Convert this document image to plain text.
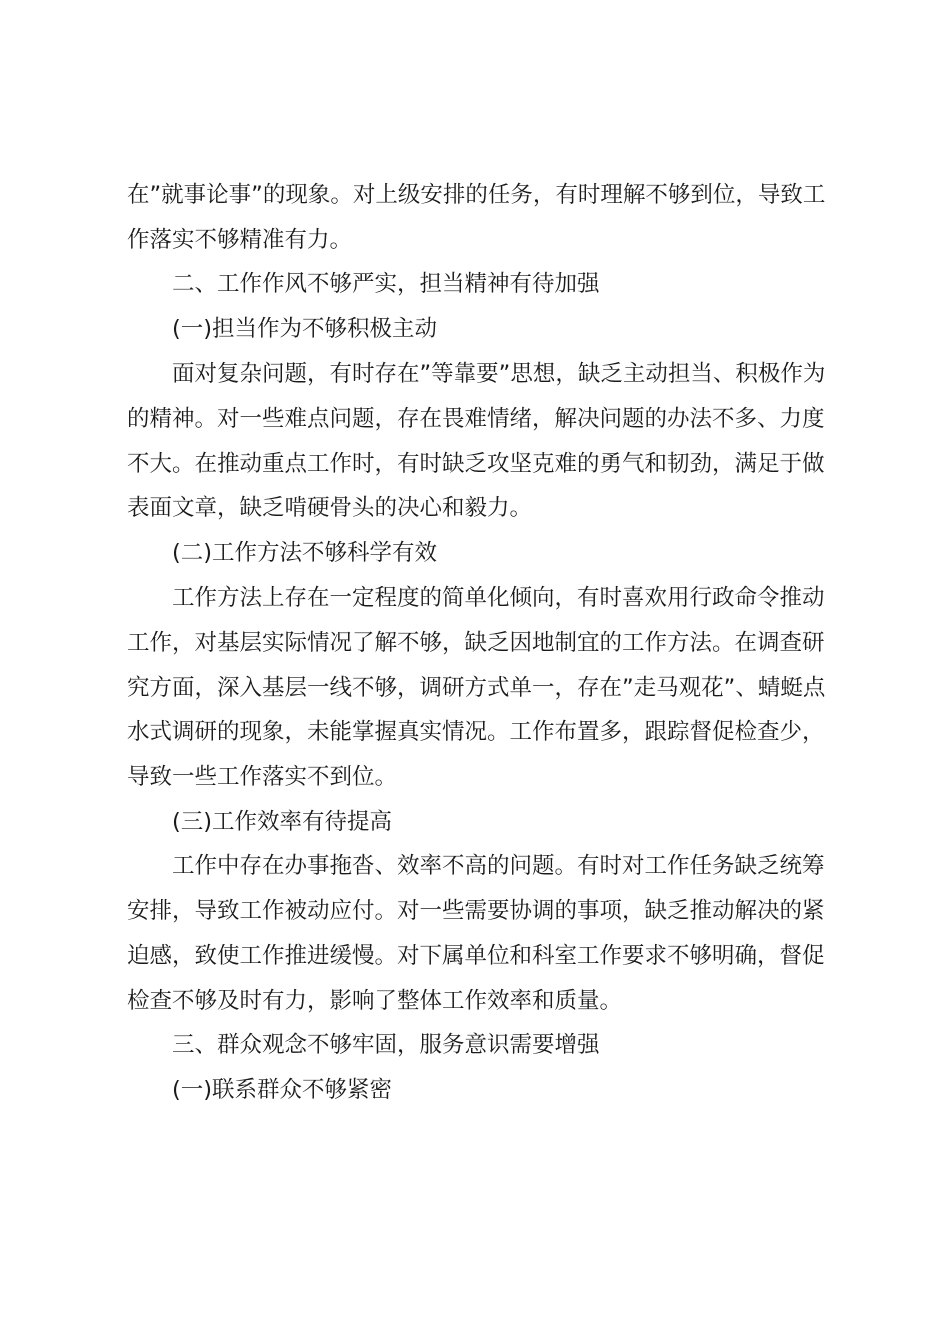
在”就事论事”的现象。对上级安排的任务，有时理解不够到位，导致工
作落实不够精准有力。
二、工作作风不够严实，担当精神有待加强
(一)担当作为不够积极主动
面对复杂问题，有时存在”等靠要”思想，缺乏主动担当、积极作为
的精神。对一些难点问题，存在畏难情绪，解决问题的办法不多、力度
不大。在推动重点工作时，有时缺乏攻坚克难的勇气和韧劲，满足于做
表面文章，缺乏啃硬骨头的决心和毅力。
(二)工作方法不够科学有效
工作方法上存在一定程度的简单化倾向，有时喜欢用行政命令推动
工作，对基层实际情况了解不够，缺乏因地制宜的工作方法。在调查研
究方面，深入基层一线不够，调研方式单一，存在”走马观花”、蜻蜓点
水式调研的现象，未能掌握真实情况。工作布置多，跟踪督促检查少，
导致一些工作落实不到位。
(三)工作效率有待提高
工作中存在办事拖沓、效率不高的问题。有时对工作任务缺乏统筹
安排，导致工作被动应付。对一些需要协调的事项，缺乏推动解决的紧
迫感，致使工作推进缓慢。对下属单位和科室工作要求不够明确，督促
检查不够及时有力，影响了整体工作效率和质量。
三、群众观念不够牢固，服务意识需要增强
(一)联系群众不够紧密
